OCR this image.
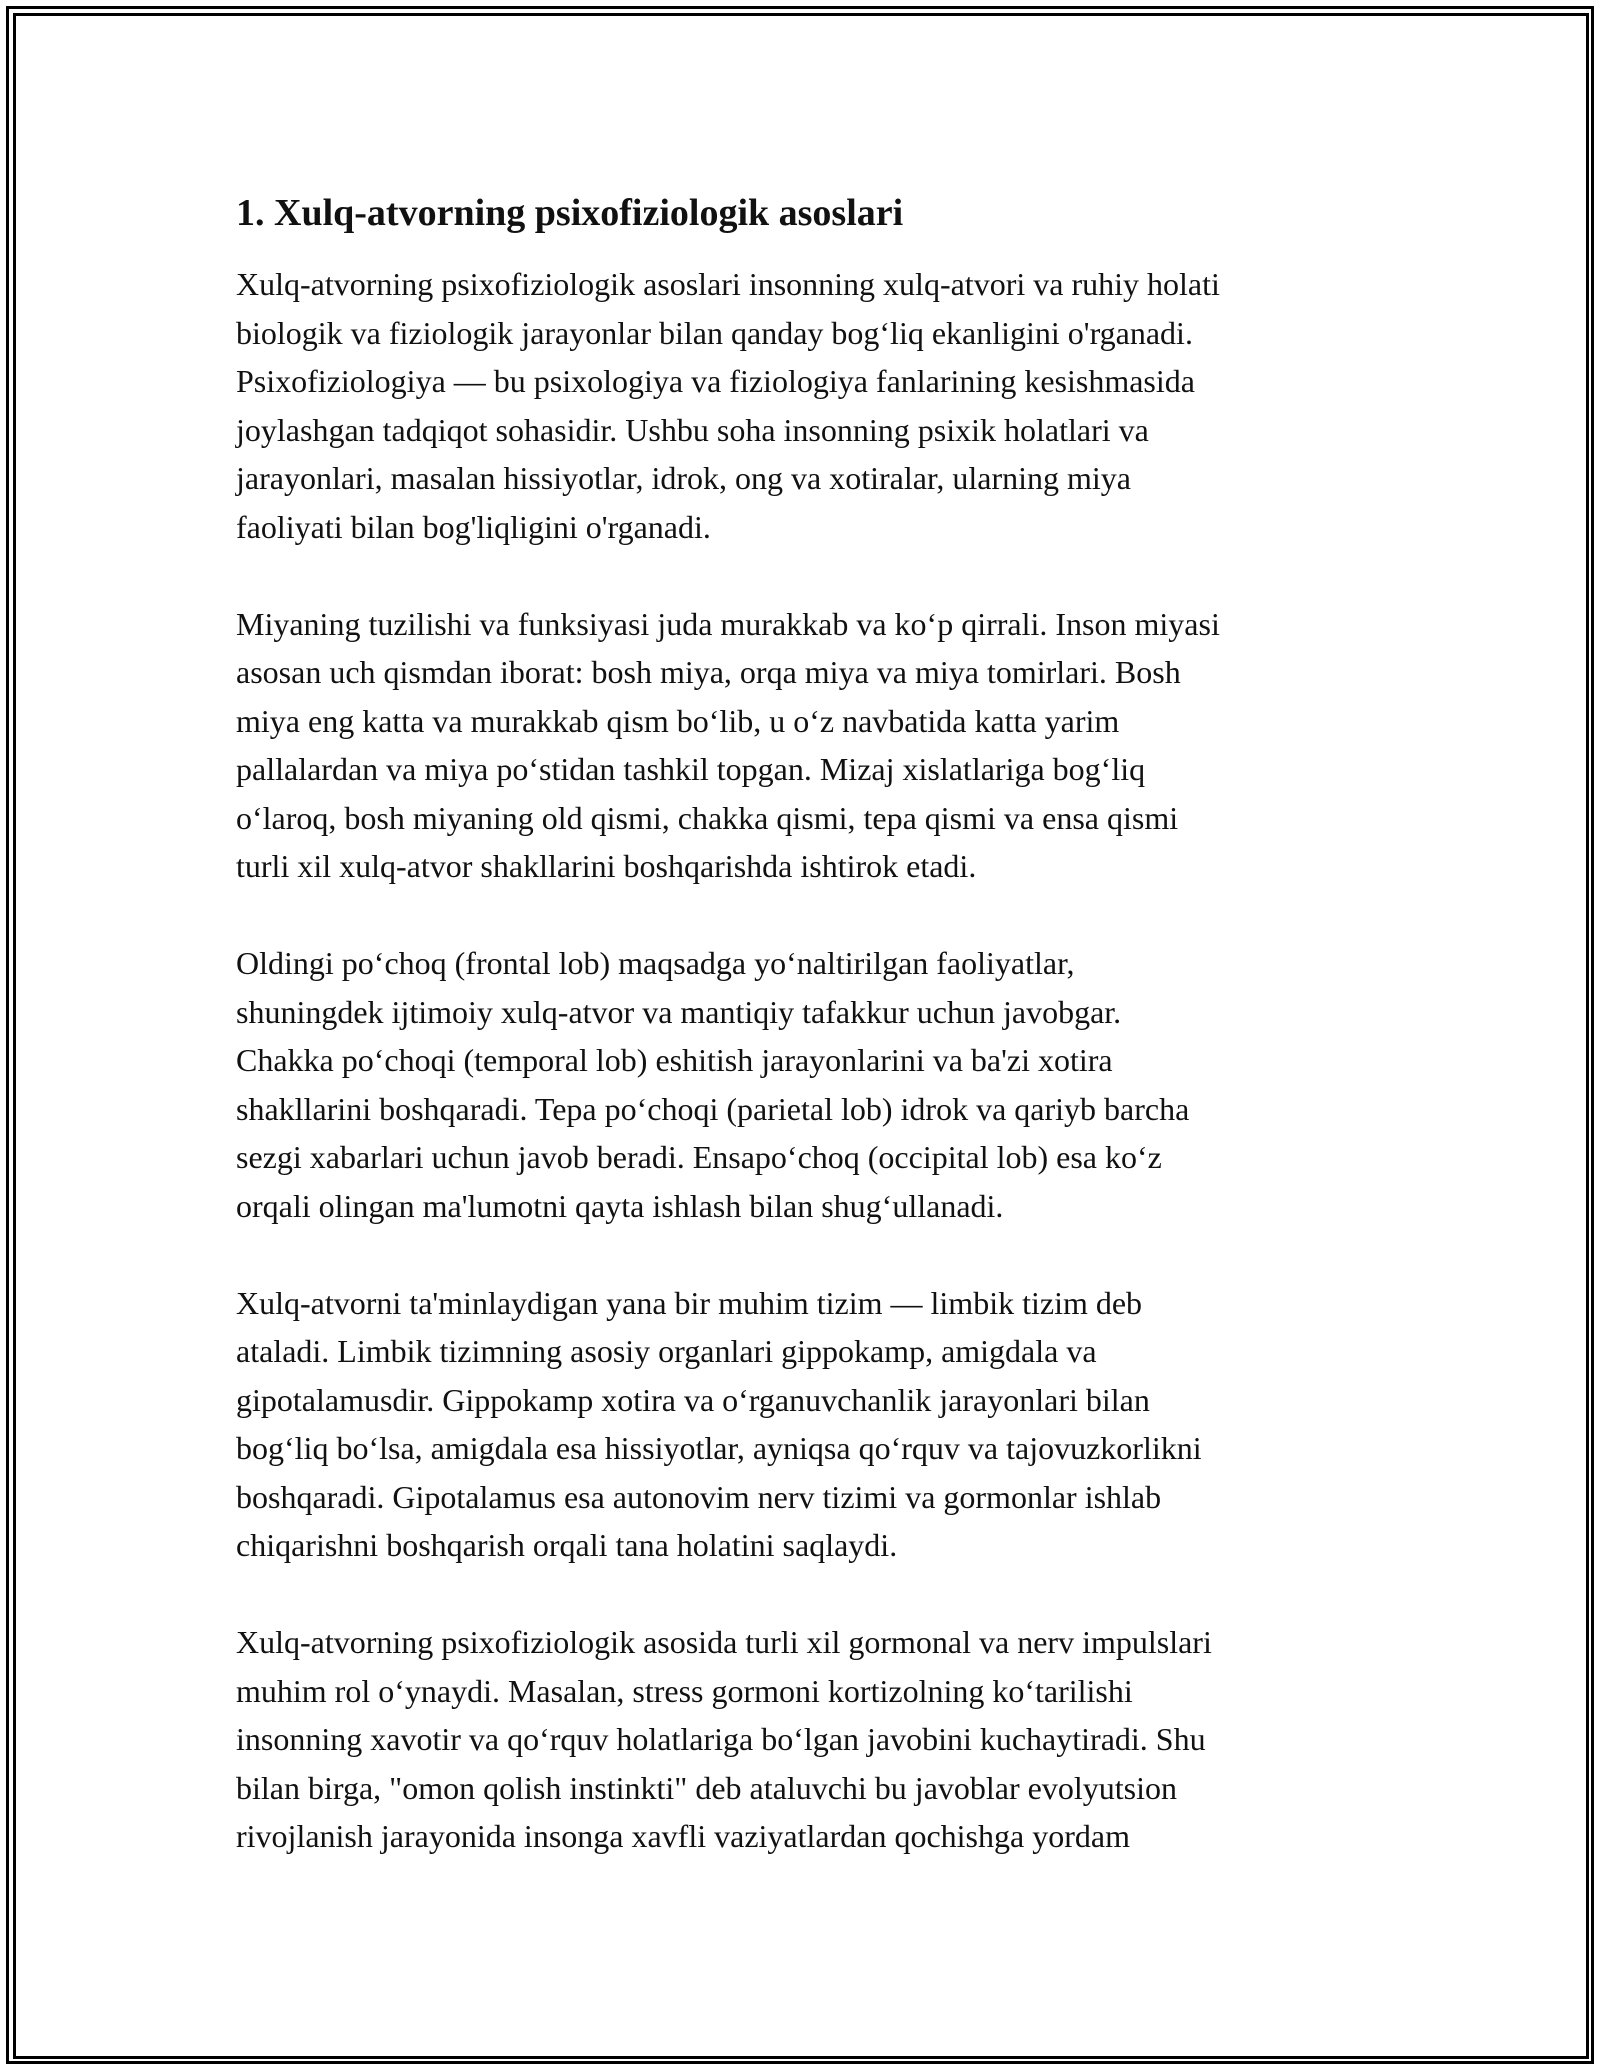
1. Xulq-atvorning psixofiziologik asoslari

Xulq-atvorning psixofiziologik asoslari insonning xulq-atvori va ruhiy holati
biologik va fiziologik jarayonlar bilan qanday bog‘liq ekanligini o'rganadi.
Psixofiziologiya — bu psixologiya va fiziologiya fanlarining kesishmasida
joylashgan tadqiqot sohasidir. Ushbu soha insonning psixik holatlari va
jarayonlari, masalan hissiyotlar, idrok, ong va xotiralar, ularning miya
faoliyati bilan bog'liqligini o'rganadi.

Miyaning tuzilishi va funksiyasi juda murakkab va ko‘p qirrali. Inson miyasi
asosan uch qismdan iborat: bosh miya, orqa miya va miya tomirlari. Bosh
miya eng katta va murakkab qism bo‘lib, u o‘z navbatida katta yarim
pallalardan va miya po‘stidan tashkil topgan. Mizaj xislatlariga bog‘liq
o‘laroq, bosh miyaning old qismi, chakka qismi, tepa qismi va ensa qismi
turli xil xulq-atvor shakllarini boshqarishda ishtirok etadi.

Oldingi po‘choq (frontal lob) maqsadga yo‘naltirilgan faoliyatlar,
shuningdek ijtimoiy xulq-atvor va mantiqiy tafakkur uchun javobgar.
Chakka po‘choqi (temporal lob) eshitish jarayonlarini va ba'zi xotira
shakllarini boshqaradi. Tepa po‘choqi (parietal lob) idrok va qariyb barcha
sezgi xabarlari uchun javob beradi. Ensapo‘choq (occipital lob) esa ko‘z
orqali olingan ma'lumotni qayta ishlash bilan shug‘ullanadi.

Xulq-atvorni ta'minlaydigan yana bir muhim tizim — limbik tizim deb
ataladi. Limbik tizimning asosiy organlari gippokamp, amigdala va
gipotalamusdir. Gippokamp xotira va o‘rganuvchanlik jarayonlari bilan
bog‘liq bo‘lsa, amigdala esa hissiyotlar, ayniqsa qo‘rquv va tajovuzkorlikni
boshqaradi. Gipotalamus esa autonovim nerv tizimi va gormonlar ishlab
chiqarishni boshqarish orqali tana holatini saqlaydi.

Xulq-atvorning psixofiziologik asosida turli xil gormonal va nerv impulslari
muhim rol o‘ynaydi. Masalan, stress gormoni kortizolning ko‘tarilishi
insonning xavotir va qo‘rquv holatlariga bo‘lgan javobini kuchaytiradi. Shu
bilan birga, "omon qolish instinkti" deb ataluvchi bu javoblar evolyutsion
rivojlanish jarayonida insonga xavfli vaziyatlardan qochishga yordam
